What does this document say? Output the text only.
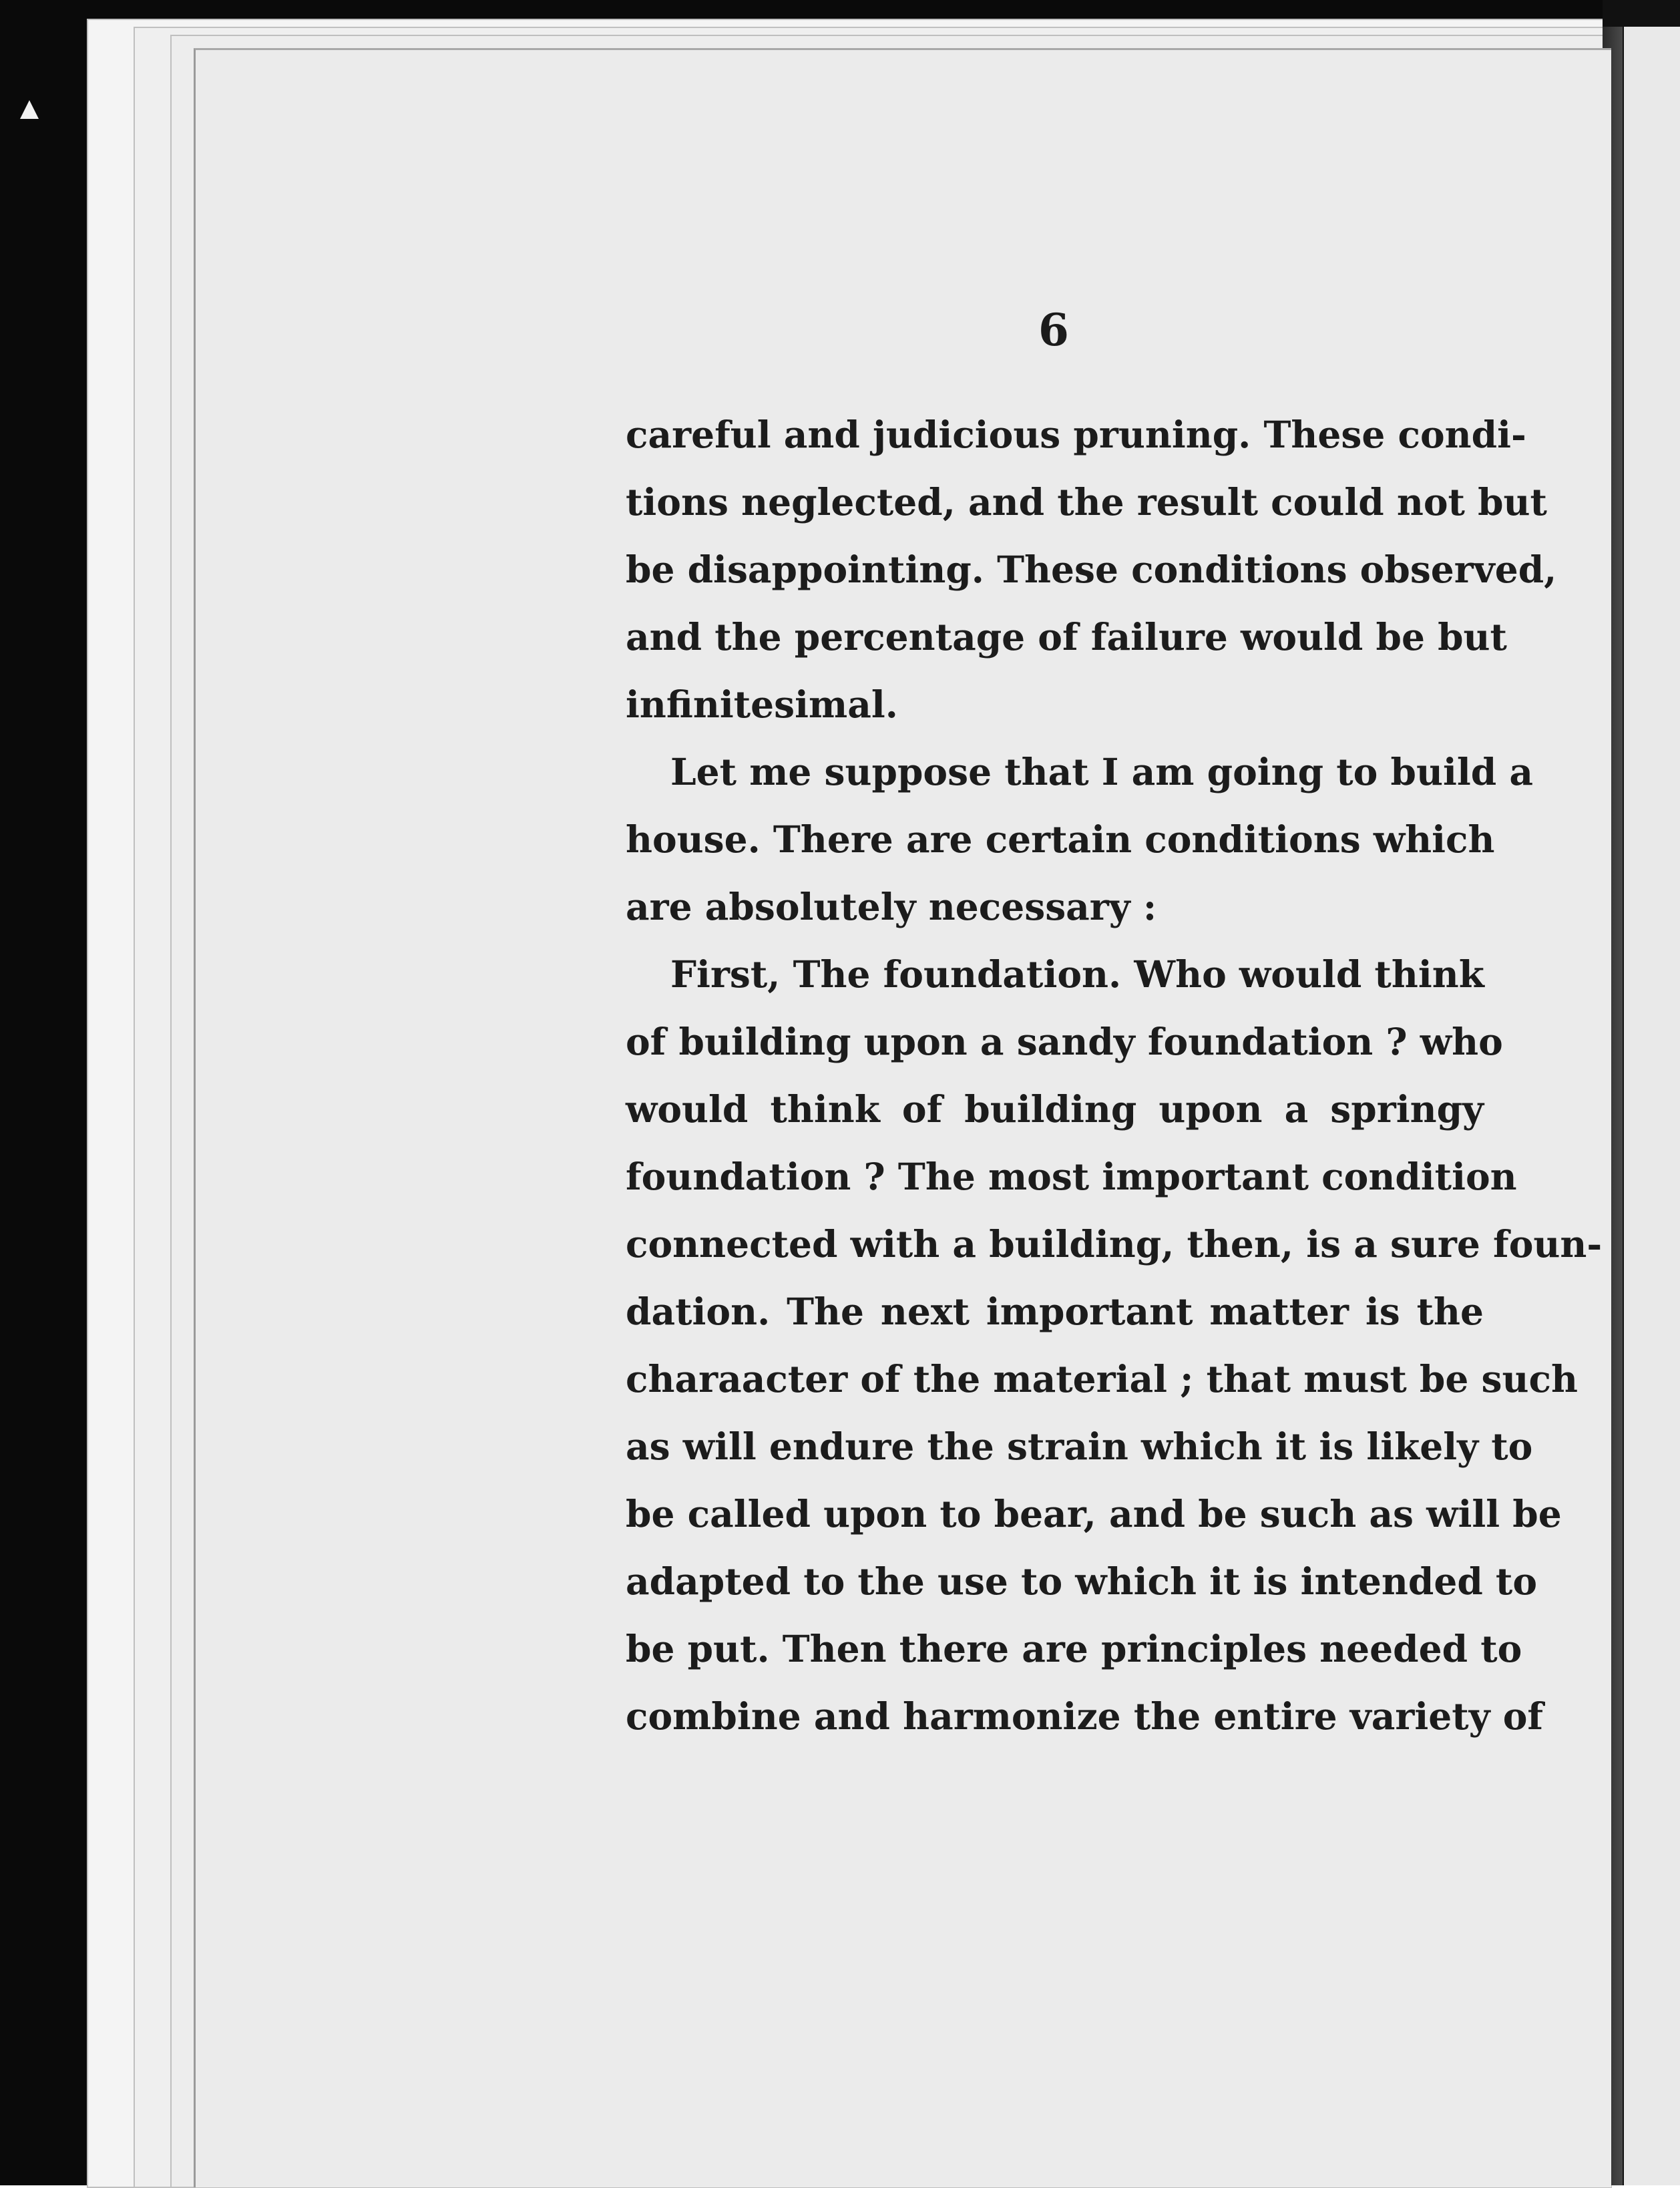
6
careful and judicious pruning. These condi-
tions neglected, and the result could not but
be disappointing. These conditions observed,
and the percentage of failure would be but
infinitesimal.
Let me suppose that I am going to build a
house. There are certain conditions which
are absolutely necessary :
First, The foundation. Who would think
of building upon a sandy foundation ? who
would think of building upon a springy
foundation ? The most important condition
connected with a building, then, is a sure foun-
dation. The next important matter is the
charaacter of the material ; that must be such
as will endure the strain which it is likely to
be called upon to bear, and be such as will be
adapted to the use to which it is intended to
be put. Then there are principles needed to
combine and harmonize the entire variety of
